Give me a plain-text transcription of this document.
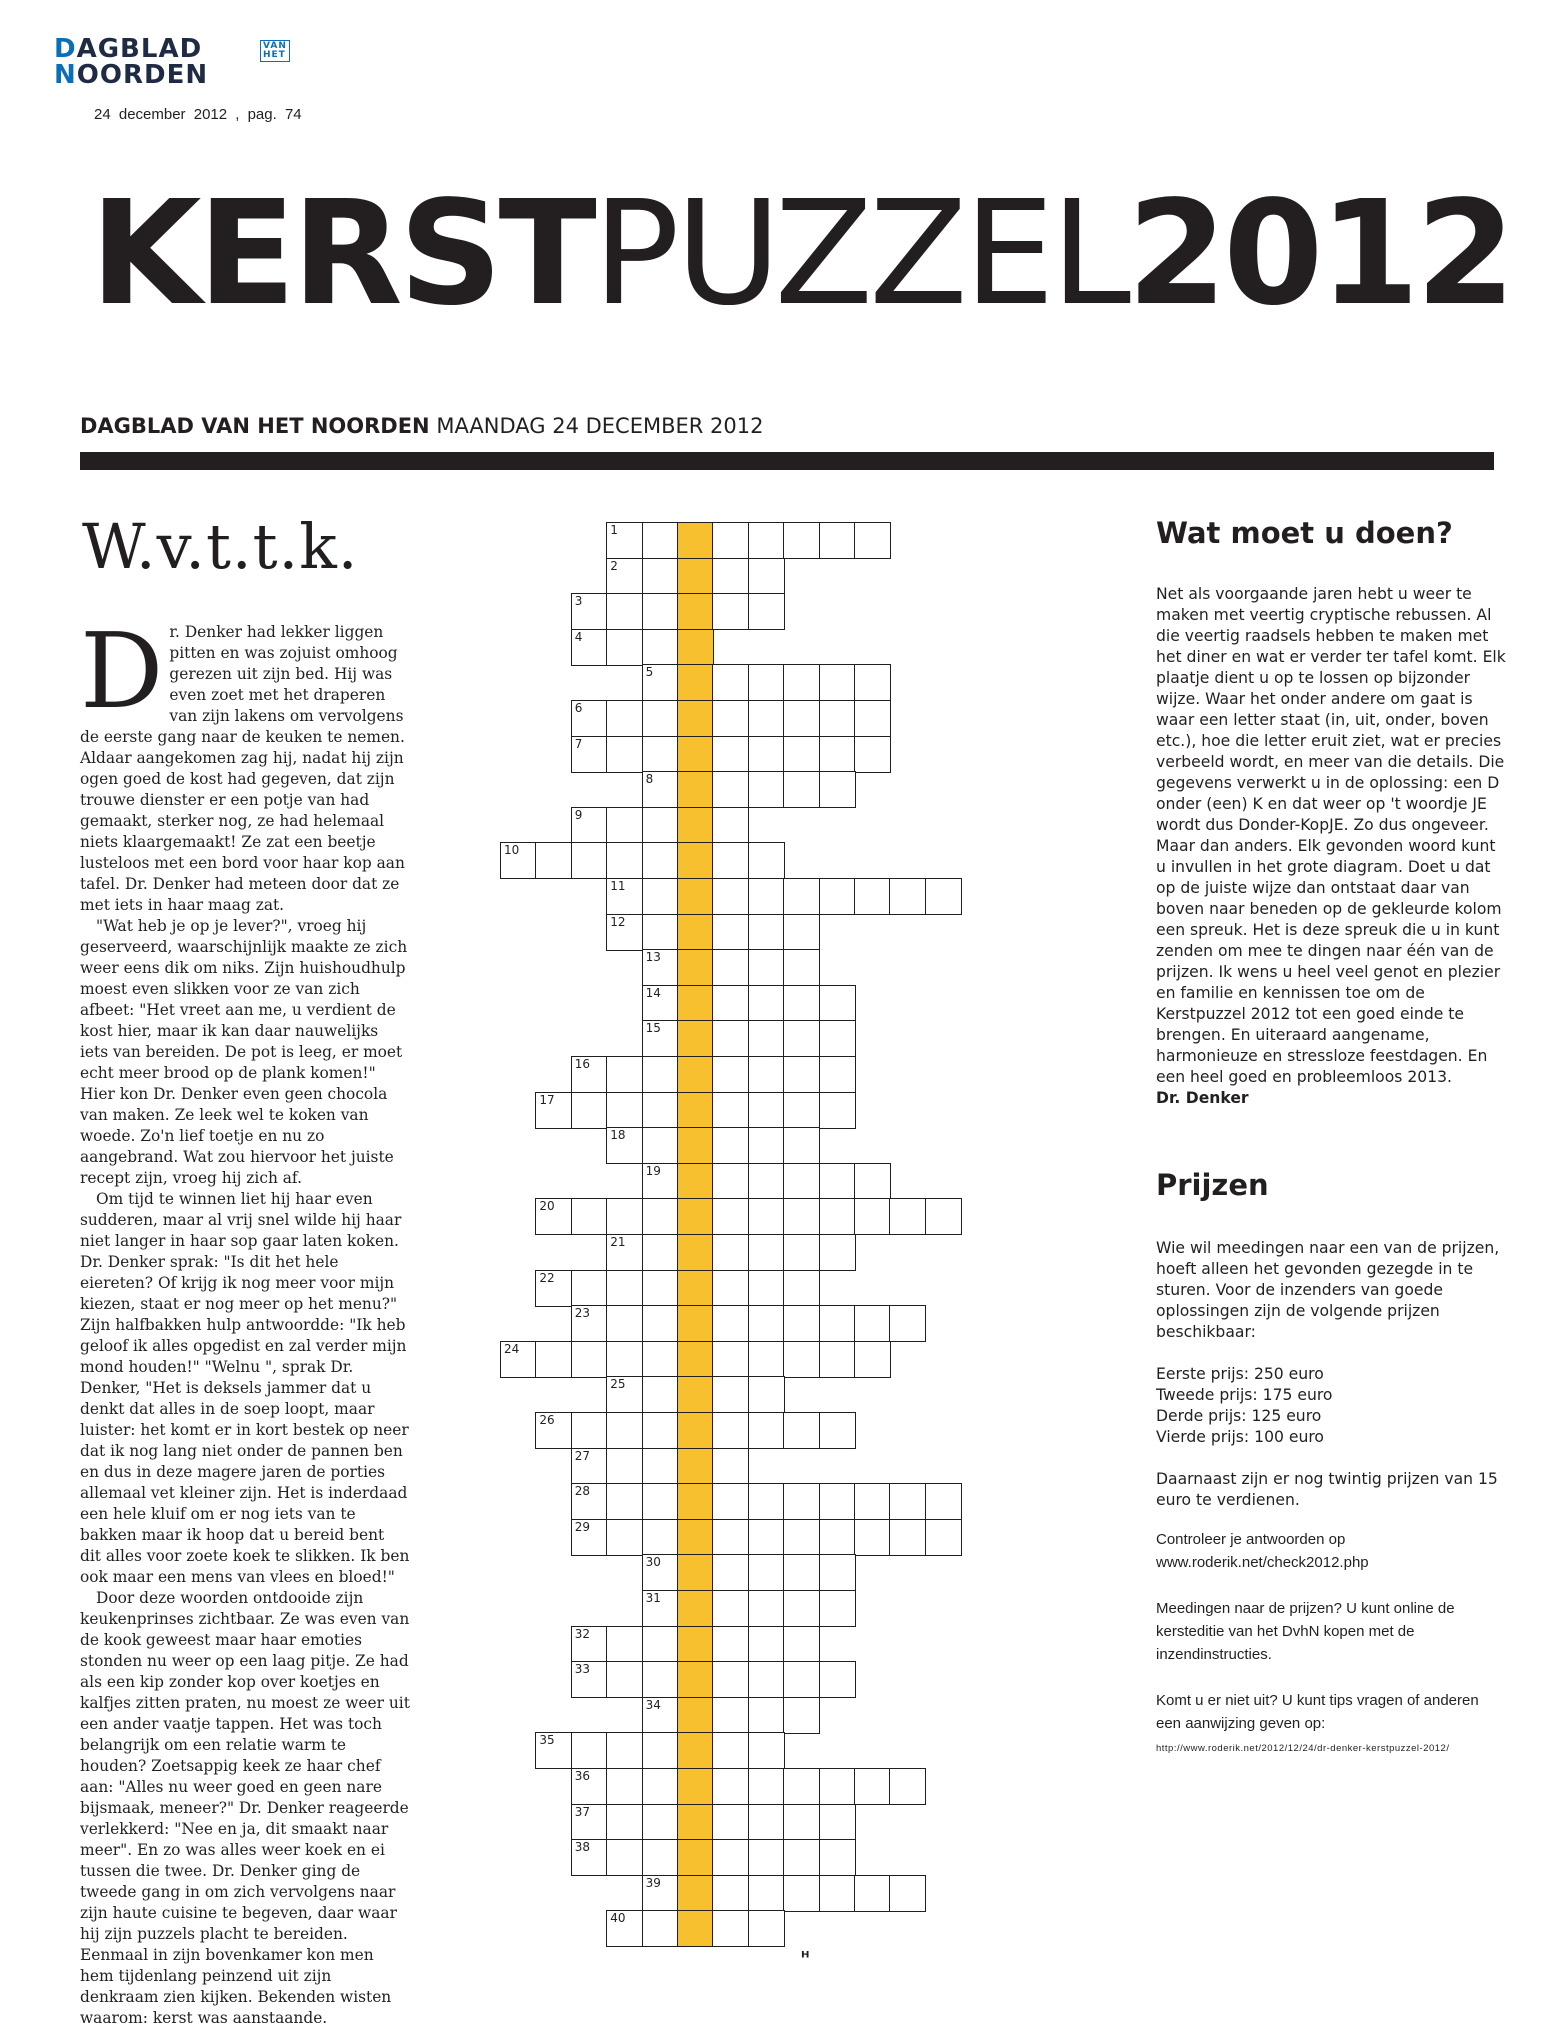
DAGBLAD
NOORDEN
VAN HET
24 december 2012 , pag. 74
KERSTPUZZEL2012
DAGBLAD VAN HET NOORDEN MAANDAG 24 DECEMBER 2012
W.v.t.t.k.

Dr. Denker had lekker liggen pitten en was zojuist omhoog gerezen uit zijn bed. Hij was even zoet met het draperen van zijn lakens om vervolgens de eerste gang naar de keuken te nemen. Aldaar aangekomen zag hij, nadat hij zijn ogen goed de kost had gegeven, dat zijn trouwe dienster er een potje van had gemaakt, sterker nog, ze had helemaal niets klaargemaakt! Ze zat een beetje lusteloos met een bord voor haar kop aan tafel. Dr. Denker had meteen door dat ze met iets in haar maag zat.

"Wat heb je op je lever?", vroeg hij geserveerd, waarschijnlijk maakte ze zich weer eens dik om niks. Zijn huishoudhulp moest even slikken voor ze van zich afbeet: "Het vreet aan me, u verdient de kost hier, maar ik kan daar nauwelijks iets van bereiden. De pot is leeg, er moet echt meer brood op de plank komen!" Hier kon Dr. Denker even geen chocola van maken. Ze leek wel te koken van woede. Zo'n lief toetje en nu zo aangebrand. Wat zou hiervoor het juiste recept zijn, vroeg hij zich af.

Om tijd te winnen liet hij haar even sudderen, maar al vrij snel wilde hij haar niet langer in haar sop gaar laten koken. Dr. Denker sprak: "Is dit het hele eiereten? Of krijg ik nog meer voor mijn kiezen, staat er nog meer op het menu?" Zijn halfbakken hulp antwoordde: "Ik heb geloof ik alles opgedist en zal verder mijn mond houden!" "Welnu ", sprak Dr. Denker, "Het is deksels jammer dat u denkt dat alles in de soep loopt, maar luister: het komt er in kort bestek op neer dat ik nog lang niet onder de pannen ben en dus in deze magere jaren de porties allemaal vet kleiner zijn. Het is inderdaad een hele kluif om er nog iets van te bakken maar ik hoop dat u bereid bent dit alles voor zoete koek te slikken. Ik ben ook maar een mens van vlees en bloed!"

Door deze woorden ontdooide zijn keukenprinses zichtbaar. Ze was even van de kook geweest maar haar emoties stonden nu weer op een laag pitje. Ze had als een kip zonder kop over koetjes en kalfjes zitten praten, nu moest ze weer uit een ander vaatje tappen. Het was toch belangrijk om een relatie warm te houden? Zoetsappig keek ze haar chef aan: "Alles nu weer goed en geen nare bijsmaak, meneer?" Dr. Denker reageerde verlekkerd: "Nee en ja, dit smaakt naar meer". En zo was alles weer koek en ei tussen die twee. Dr. Denker ging de tweede gang in om zich vervolgens naar zijn haute cuisine te begeven, daar waar hij zijn puzzels placht te bereiden. Eenmaal in zijn bovenkamer kon men hem tijdenlang peinzend uit zijn denkraam zien kijken. Bekenden wisten waarom: kerst was aanstaande.

1
2
3
4
5
6
7
8
9
10
11
12
13
14
15
16
17
18
19
20
21
22
23
24
25
26
27
28
29
30
31
32
33
34
35
36
37
38
39
40
ᴴ
Wat moet u doen?
Net als voorgaande jaren hebt u weer te maken met veertig cryptische rebussen. Al die veertig raadsels hebben te maken met het diner en wat er verder ter tafel komt. Elk plaatje dient u op te lossen op bijzonder wijze. Waar het onder andere om gaat is waar een letter staat (in, uit, onder, boven etc.), hoe die letter eruit ziet, wat er precies verbeeld wordt, en meer van die details. Die gegevens verwerkt u in de oplossing: een D onder (een) K en dat weer op 't woordje JE wordt dus Donder-KopJE. Zo dus ongeveer. Maar dan anders. Elk gevonden woord kunt u invullen in het grote diagram. Doet u dat op de juiste wijze dan ontstaat daar van boven naar beneden op de gekleurde kolom een spreuk. Het is deze spreuk die u in kunt zenden om mee te dingen naar één van de prijzen. Ik wens u heel veel genot en plezier en familie en kennissen toe om de Kerstpuzzel 2012 tot een goed einde te brengen. En uiteraard aangename, harmonieuze en stressloze feestdagen. En een heel goed en probleemloos 2013.
Dr. Denker
Prijzen

Wie wil meedingen naar een van de prijzen, hoeft alleen het gevonden gezegde in te sturen. Voor de inzenders van goede oplossingen zijn de volgende prijzen beschikbaar:

Eerste prijs: 250 euro
Tweede prijs: 175 euro
Derde prijs: 125 euro
Vierde prijs: 100 euro

Daarnaast zijn er nog twintig prijzen van 15 euro te verdienen.

Controleer je antwoorden op
www.roderik.net/check2012.php

Meedingen naar de prijzen? U kunt online de kersteditie van het DvhN kopen met de inzendinstructies.

Komt u er niet uit? U kunt tips vragen of anderen een aanwijzing geven op:
http://www.roderik.net/2012/12/24/dr-denker-kerstpuzzel-2012/
